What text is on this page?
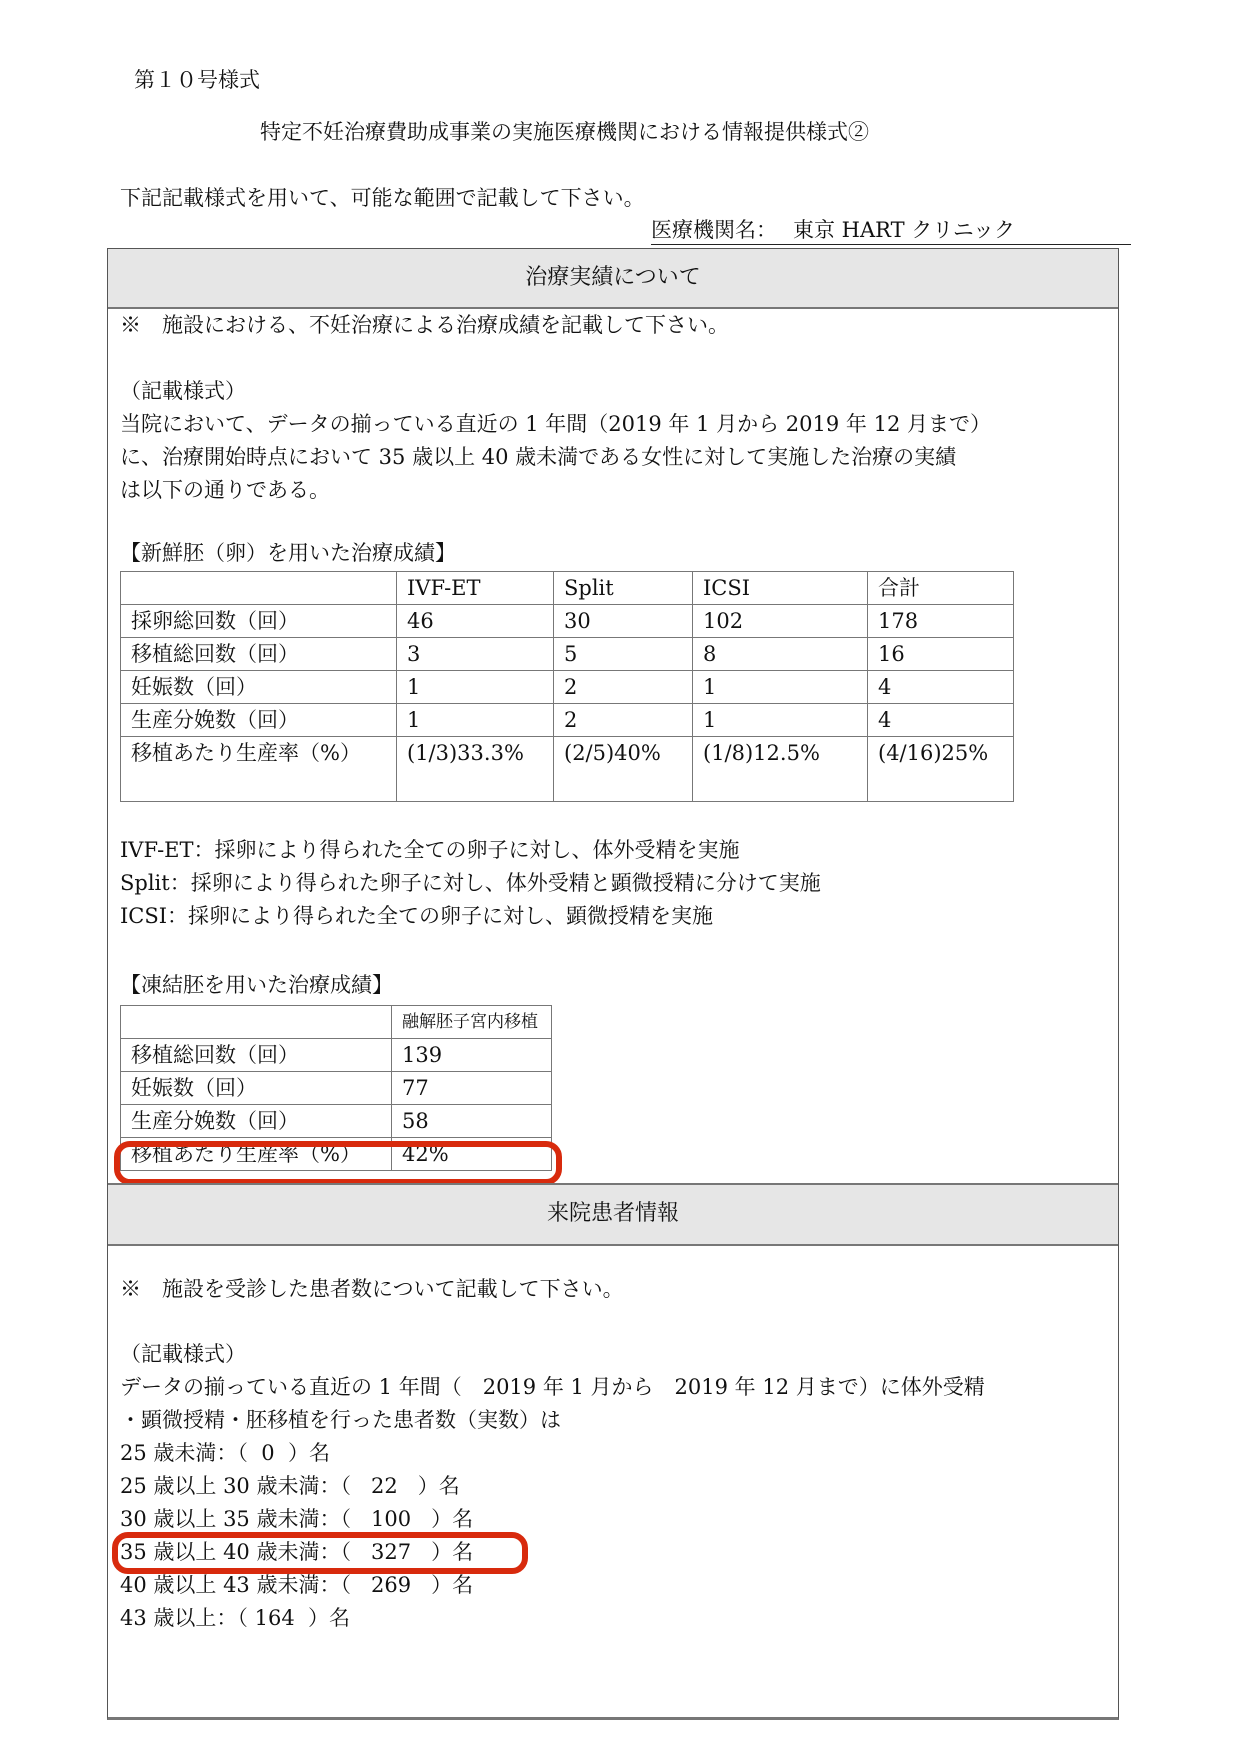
第１０号様式
特定不妊治療費助成事業の実施医療機関における情報提供様式②
下記記載様式を用いて、可能な範囲で記載して下さい。
医療機関名： 東京 HART クリニック
治療実績について
※　施設における、不妊治療による治療成績を記載して下さい。
（記載様式）
当院において、データの揃っている直近の 1 年間（2019 年 1 月から 2019 年 12 月まで）
に、治療開始時点において 35 歳以上 40 歳未満である女性に対して実施した治療の実績
は以下の通りである。
【新鮮胚（卵）を用いた治療成績】
	IVF-ET	Split	ICSI	合計
採卵総回数（回）	46	30	102	178
移植総回数（回）	3	5	8	16
妊娠数（回）	1	2	1	4
生産分娩数（回）	1	2	1	4
移植あたり生産率（%）	(1/3)33.3%	(2/5)40%	(1/8)12.5%	(4/16)25%
IVF-ET：採卵により得られた全ての卵子に対し、体外受精を実施
Split：採卵により得られた卵子に対し、体外受精と顕微授精に分けて実施
ICSI：採卵により得られた全ての卵子に対し、顕微授精を実施
【凍結胚を用いた治療成績】
	融解胚子宮内移植
移植総回数（回）	139
妊娠数（回）	77
生産分娩数（回）	58
移植あたり生産率（%）	42%
来院患者情報
※　施設を受診した患者数について記載して下さい。
（記載様式）
データの揃っている直近の 1 年間（　2019 年 1 月から　2019 年 12 月まで）に体外受精
・顕微授精・胚移植を行った患者数（実数）は
25 歳未満：（ 0 ）名
25 歳以上 30 歳未満：（ 22 ）名
30 歳以上 35 歳未満：（ 100 ）名
35 歳以上 40 歳未満：（ 327 ）名
40 歳以上 43 歳未満：（ 269 ）名
43 歳以上：（ 164 ）名
